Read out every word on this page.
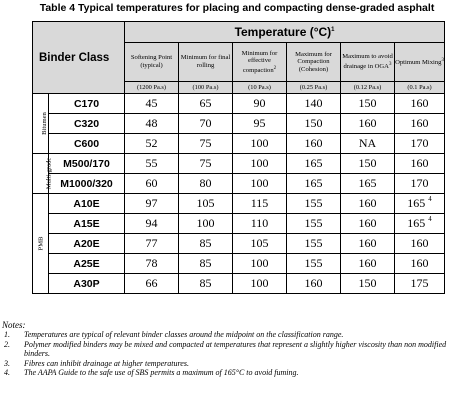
Table 4 Typical temperatures for placing and compacting dense-graded asphalt
Binder Class		Temperature $(^\circ C)^1$
		Softening Point (typical)	Minimum for final rolling	Minimum for effective compaction$^2$	Maximum for Compaction (Cohesion)	Maximum to avoid drainage in OGA$^3$	Optimum Mixing$^3$
		(1200 Pa.s)	(100 Pa.s)	(10 Pa.s)	(0.25 Pa.s)	(0.12 Pa.s)	(0.1 Pa.s)
Bitumen	C170	45	65	90	140	150	160
	C320	48	70	95	150	160	160
	C600	52	75	100	160	NA	170
Multi-grade	M500/170	55	75	100	165	150	160
	M1000/320	60	80	100	165	165	170
PMB	A10E	97	105	115	155	160	165 $^4$
	A15E	94	100	110	155	160	165 $^4$
	A20E	77	85	105	155	160	160
	A25E	78	85	100	155	160	160
	A30P	66	85	100	160	150	175
Notes:
1. Temperatures are typical of relevant binder classes around the midpoint on the classification range.
2. Polymer modified binders may be mixed and compacted at temperatures that represent a slightly higher viscosity than non modified binders.
3. Fibres can inhibit drainage at higher temperatures.
4. The AAPA Guide to the safe use of SBS permits a maximum of 165°C to avoid fuming.
